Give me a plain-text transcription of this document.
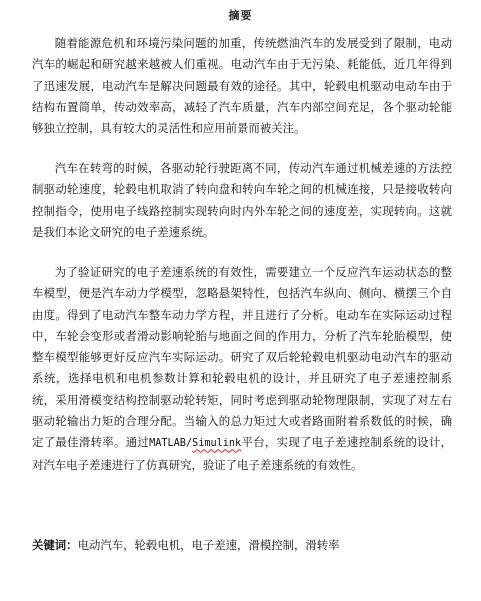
摘要

随着能源危机和环境污染问题的加重，传统燃油汽车的发展受到了限制，电动汽车的崛起和研究越来越被人们重视。电动汽车由于无污染、耗能低，近几年得到了迅速发展，电动汽车是解决问题最有效的途径。其中，轮毂电机驱动电动车由于结构布置简单，传动效率高，减轻了汽车质量，汽车内部空间充足，各个驱动轮能够独立控制，具有较大的灵活性和应用前景而被关注。

汽车在转弯的时候，各驱动轮行驶距离不同，传动汽车通过机械差速的方法控制驱动轮速度，轮毂电机取消了转向盘和转向车轮之间的机械连接，只是接收转向控制指令，使用电子线路控制实现转向时内外车轮之间的速度差，实现转向。这就是我们本论文研究的电子差速系统。

为了验证研究的电子差速系统的有效性，需要建立一个反应汽车运动状态的整车模型，便是汽车动力学模型，忽略悬架特性，包括汽车纵向、侧向、横摆三个自由度。得到了电动汽车整车动力学方程，并且进行了分析。电动车在实际运动过程中，车轮会变形或者滑动影响轮胎与地面之间的作用力，分析了汽车轮胎模型，使整车模型能够更好反应汽车实际运动。研究了双后轮轮毂电机驱动电动汽车的驱动系统，选择电机和电机参数计算和轮毂电机的设计，并且研究了电子差速控制系统，采用滑模变结构控制驱动轮转矩，同时考虑到驱动轮物理限制，实现了对左右驱动轮输出力矩的合理分配。当输入的总力矩过大或者路面附着系数低的时候，确定了最佳滑转率。通过MATLAB/Simulink平台，实现了电子差速控制系统的设计，对汽车电子差速进行了仿真研究，验证了电子差速系统的有效性。

关键词：电动汽车，轮毂电机，电子差速，滑模控制，滑转率
